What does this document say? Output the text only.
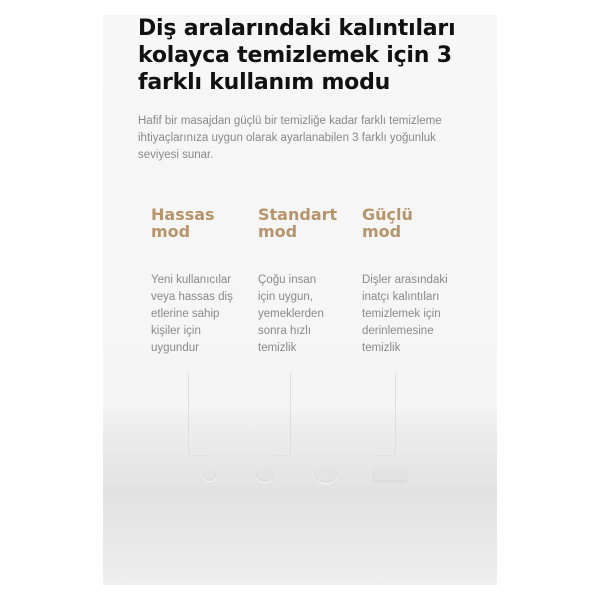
Diş aralarındaki kalıntıları kolayca temizlemek için 3 farklı kullanım modu

Hafif bir masajdan güçlü bir temizliğe kadar farklı temizleme ihtiyaçlarınıza uygun olarak ayarlanabilen 3 farklı yoğunluk seviyesi sunar.

Hassas
mod

Yeni kullanıcılar
veya hassas diş
etlerine sahip
kişiler için
uygundur

Standart
mod

Çoğu insan
için uygun,
yemeklerden
sonra hızlı
temizlik

Güçlü
mod

Dişler arasındaki
inatçı kalıntıları
temizlemek için
derinlemesine
temizlik
